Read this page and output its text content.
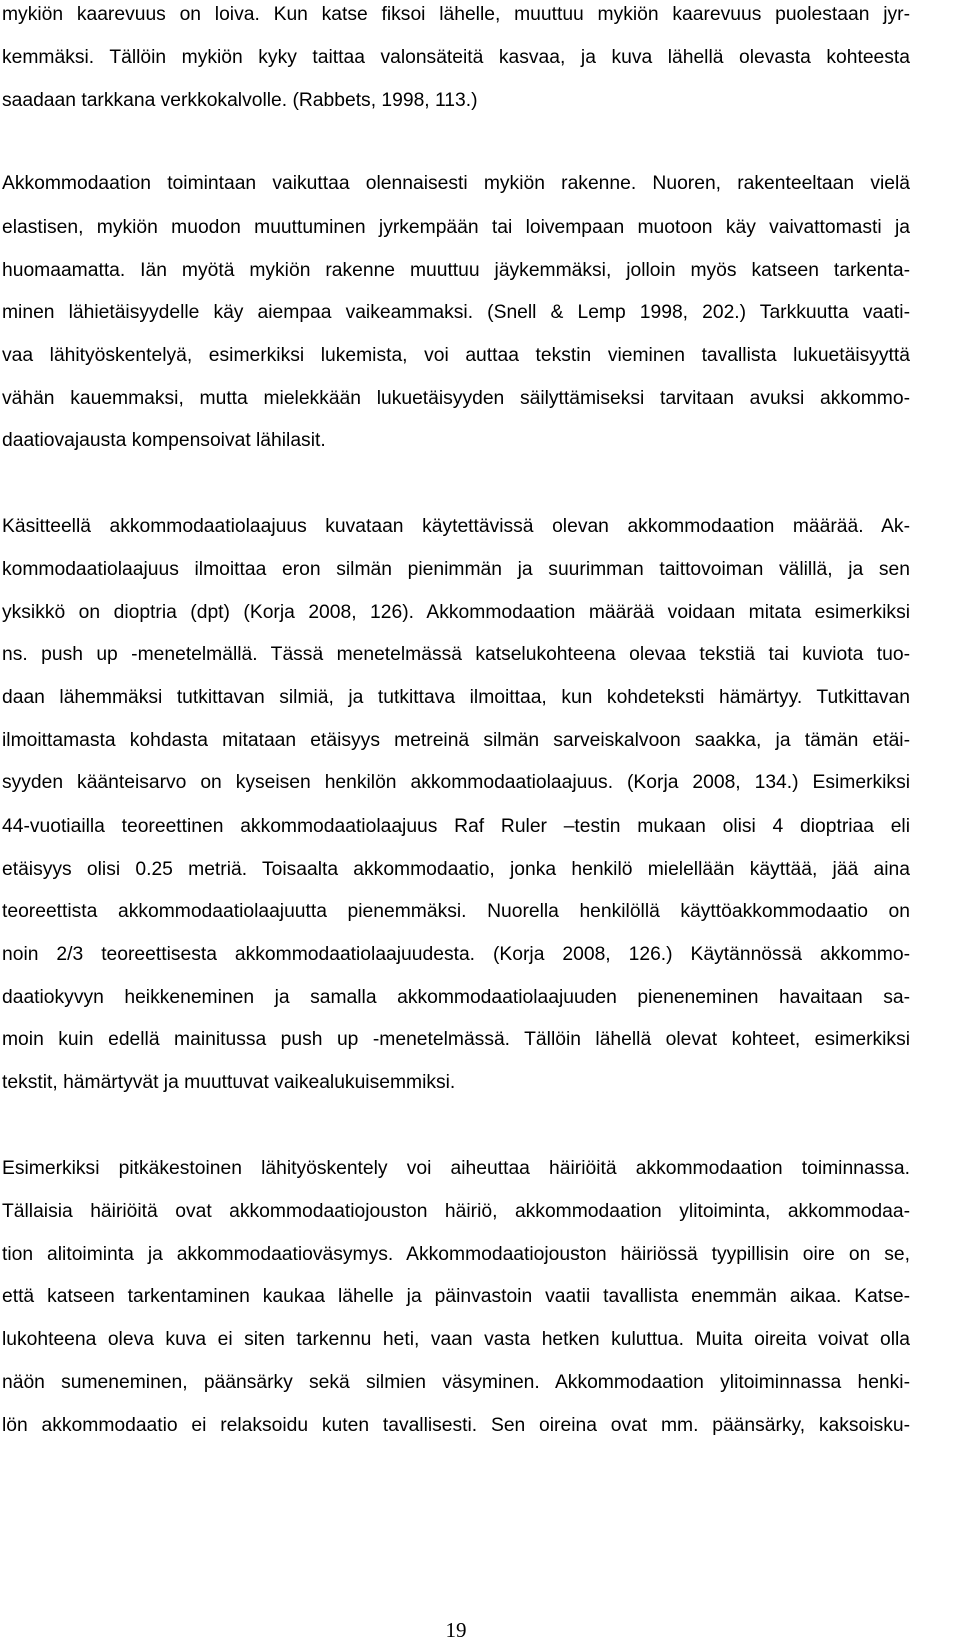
mykiön kaarevuus on loiva. Kun katse fiksoi lähelle, muuttuu mykiön kaarevuus puolestaan jyr-
kemmäksi. Tällöin mykiön kyky taittaa valonsäteitä kasvaa, ja kuva lähellä olevasta kohteesta
saadaan tarkkana verkkokalvolle. (Rabbets, 1998, 113.)
Akkommodaation toimintaan vaikuttaa olennaisesti mykiön rakenne. Nuoren, rakenteeltaan vielä
elastisen, mykiön muodon muuttuminen jyrkempään tai loivempaan muotoon käy vaivattomasti ja
huomaamatta. Iän myötä mykiön rakenne muuttuu jäykemmäksi, jolloin myös katseen tarkenta-
minen lähietäisyydelle käy aiempaa vaikeammaksi. (Snell & Lemp 1998, 202.) Tarkkuutta vaati-
vaa lähityöskentelyä, esimerkiksi lukemista, voi auttaa tekstin vieminen tavallista lukuetäisyyttä
vähän kauemmaksi, mutta mielekkään lukuetäisyyden säilyttämiseksi tarvitaan avuksi akkommo-
daatiovajausta kompensoivat lähilasit.
Käsitteellä akkommodaatiolaajuus kuvataan käytettävissä olevan akkommodaation määrää. Ak-
kommodaatiolaajuus ilmoittaa eron silmän pienimmän ja suurimman taittovoiman välillä, ja sen
yksikkö on dioptria (dpt) (Korja 2008, 126). Akkommodaation määrää voidaan mitata esimerkiksi
ns. push up -menetelmällä. Tässä menetelmässä katselukohteena olevaa tekstiä tai kuviota tuo-
daan lähemmäksi tutkittavan silmiä, ja tutkittava ilmoittaa, kun kohdeteksti hämärtyy. Tutkittavan
ilmoittamasta kohdasta mitataan etäisyys metreinä silmän sarveiskalvoon saakka, ja tämän etäi-
syyden käänteisarvo on kyseisen henkilön akkommodaatiolaajuus. (Korja 2008, 134.) Esimerkiksi
44-vuotiailla teoreettinen akkommodaatiolaajuus Raf Ruler –testin mukaan olisi 4 dioptriaa eli
etäisyys olisi 0.25 metriä. Toisaalta akkommodaatio, jonka henkilö mielellään käyttää, jää aina
teoreettista akkommodaatiolaajuutta pienemmäksi. Nuorella henkilöllä käyttöakkommodaatio on
noin 2/3 teoreettisesta akkommodaatiolaajuudesta. (Korja 2008, 126.) Käytännössä akkommo-
daatiokyvyn heikkeneminen ja samalla akkommodaatiolaajuuden pieneneminen havaitaan sa-
moin kuin edellä mainitussa push up -menetelmässä. Tällöin lähellä olevat kohteet, esimerkiksi
tekstit, hämärtyvät ja muuttuvat vaikealukuisemmiksi.
Esimerkiksi pitkäkestoinen lähityöskentely voi aiheuttaa häiriöitä akkommodaation toiminnassa.
Tällaisia häiriöitä ovat akkommodaatiojouston häiriö, akkommodaation ylitoiminta, akkommodaa-
tion alitoiminta ja akkommodaatioväsymys. Akkommodaatiojouston häiriössä tyypillisin oire on se,
että katseen tarkentaminen kaukaa lähelle ja päinvastoin vaatii tavallista enemmän aikaa. Katse-
lukohteena oleva kuva ei siten tarkennu heti, vaan vasta hetken kuluttua. Muita oireita voivat olla
näön sumeneminen, päänsärky sekä silmien väsyminen. Akkommodaation ylitoiminnassa henki-
lön akkommodaatio ei relaksoidu kuten tavallisesti. Sen oireina ovat mm. päänsärky, kaksoisku-
19
